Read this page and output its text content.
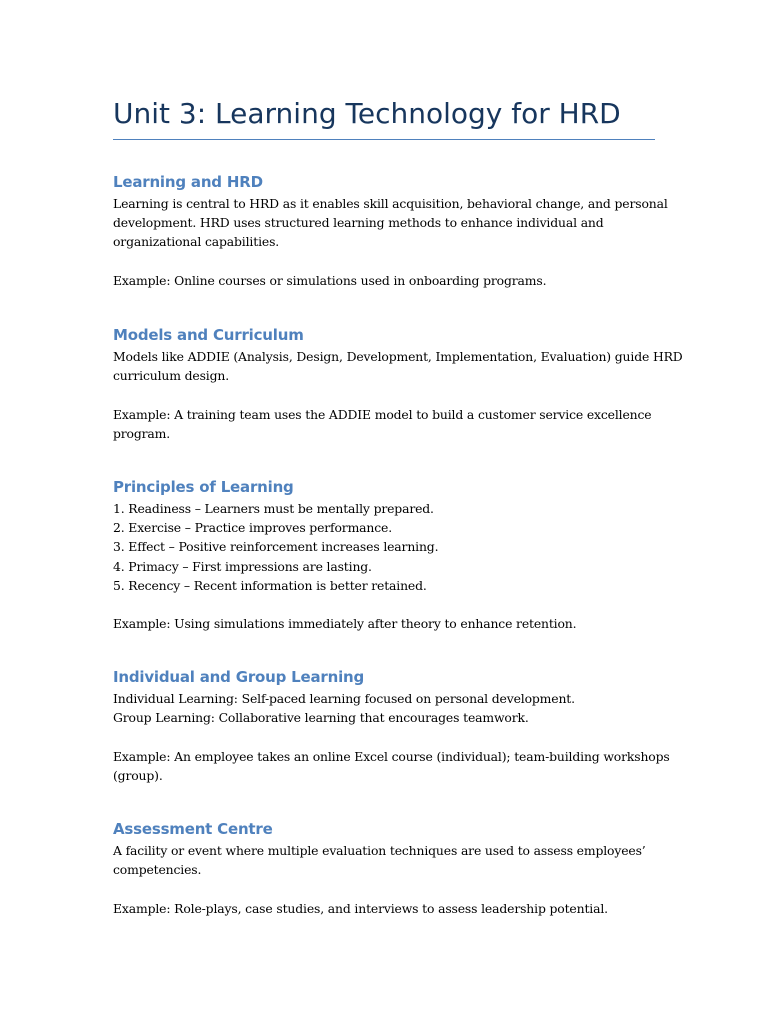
Unit 3: Learning Technology for HRD
Learning and HRD

Learning is central to HRD as it enables skill acquisition, behavioral change, and personal
development. HRD uses structured learning methods to enhance individual and
organizational capabilities.

Example: Online courses or simulations used in onboarding programs.

Models and Curriculum

Models like ADDIE (Analysis, Design, Development, Implementation, Evaluation) guide HRD
curriculum design.

Example: A training team uses the ADDIE model to build a customer service excellence
program.

Principles of Learning

1. Readiness – Learners must be mentally prepared.
2. Exercise – Practice improves performance.
3. Effect – Positive reinforcement increases learning.
4. Primacy – First impressions are lasting.
5. Recency – Recent information is better retained.

Example: Using simulations immediately after theory to enhance retention.

Individual and Group Learning

Individual Learning: Self-paced learning focused on personal development.
Group Learning: Collaborative learning that encourages teamwork.

Example: An employee takes an online Excel course (individual); team-building workshops
(group).

Assessment Centre

A facility or event where multiple evaluation techniques are used to assess employees’
competencies.

Example: Role-plays, case studies, and interviews to assess leadership potential.
